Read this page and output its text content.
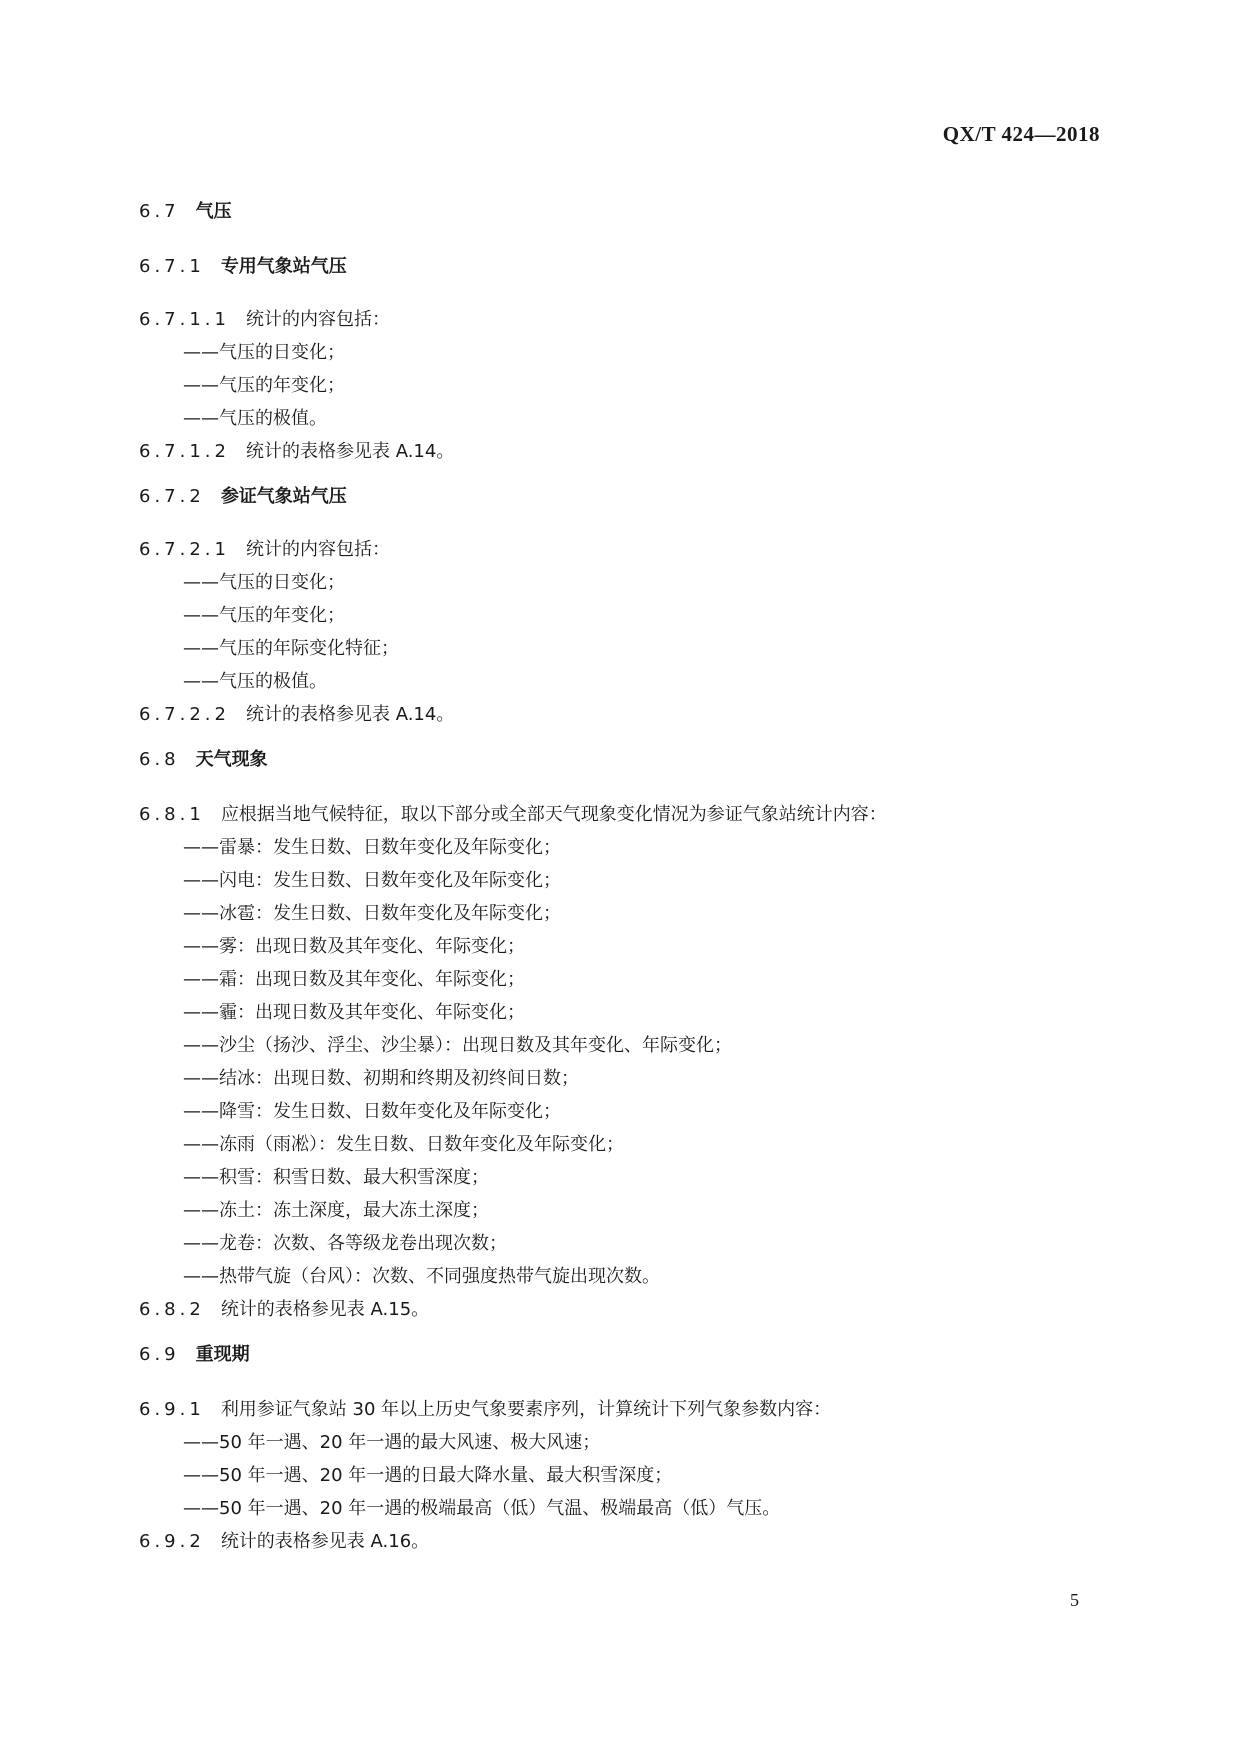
QX/T 424—2018
6.7 气压
6.7.1 专用气象站气压
6.7.1.1 统计的内容包括：
——气压的日变化；
——气压的年变化；
——气压的极值。
6.7.1.2 统计的表格参见表 A.14。
6.7.2 参证气象站气压
6.7.2.1 统计的内容包括：
——气压的日变化；
——气压的年变化；
——气压的年际变化特征；
——气压的极值。
6.7.2.2 统计的表格参见表 A.14。
6.8 天气现象
6.8.1 应根据当地气候特征，取以下部分或全部天气现象变化情况为参证气象站统计内容：
——雷暴：发生日数、日数年变化及年际变化；
——闪电：发生日数、日数年变化及年际变化；
——冰雹：发生日数、日数年变化及年际变化；
——雾：出现日数及其年变化、年际变化；
——霜：出现日数及其年变化、年际变化；
——霾：出现日数及其年变化、年际变化；
——沙尘（扬沙、浮尘、沙尘暴）：出现日数及其年变化、年际变化；
——结冰：出现日数、初期和终期及初终间日数；
——降雪：发生日数、日数年变化及年际变化；
——冻雨（雨凇）：发生日数、日数年变化及年际变化；
——积雪：积雪日数、最大积雪深度；
——冻土：冻土深度，最大冻土深度；
——龙卷：次数、各等级龙卷出现次数；
——热带气旋（台风）：次数、不同强度热带气旋出现次数。
6.8.2 统计的表格参见表 A.15。
6.9 重现期
6.9.1 利用参证气象站 30 年以上历史气象要素序列，计算统计下列气象参数内容：
——50 年一遇、20 年一遇的最大风速、极大风速；
——50 年一遇、20 年一遇的日最大降水量、最大积雪深度；
——50 年一遇、20 年一遇的极端最高（低）气温、极端最高（低）气压。
6.9.2 统计的表格参见表 A.16。
5
